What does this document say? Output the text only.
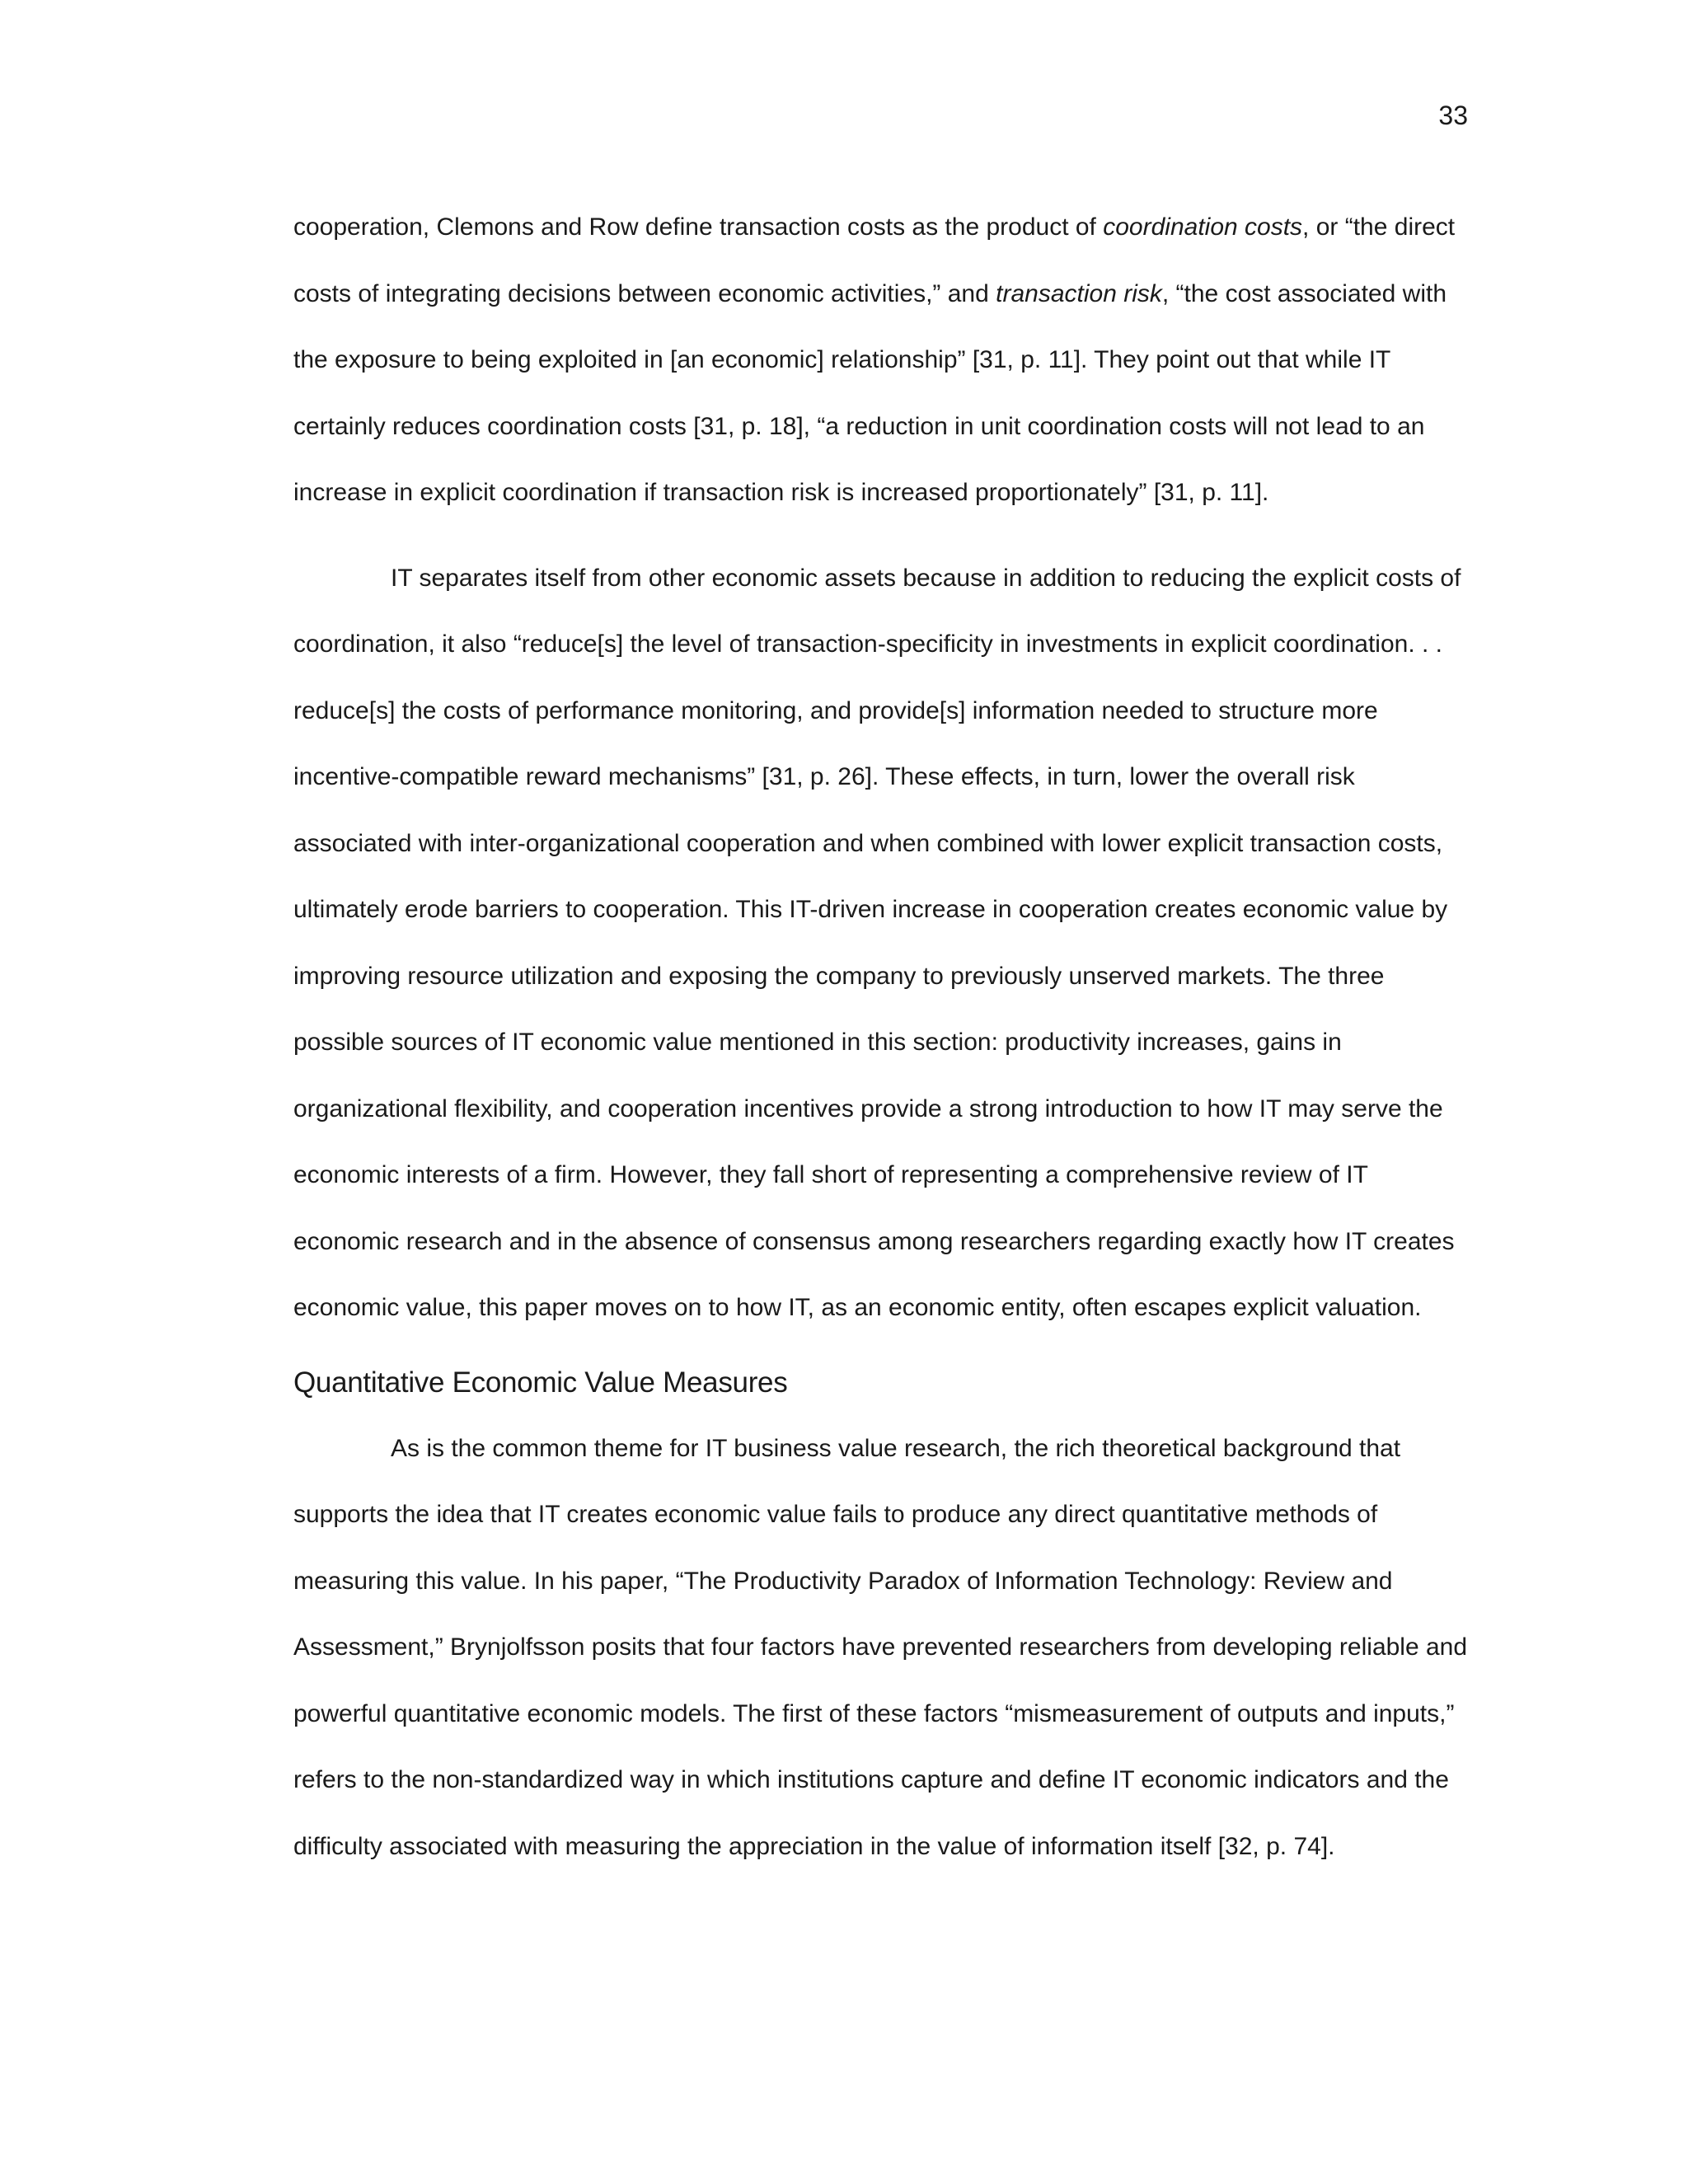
33

cooperation, Clemons and Row define transaction costs as the product of coordination costs, or “the direct costs of integrating decisions between economic activities,” and transaction risk, “the cost associated with the exposure to being exploited in [an economic] relationship” [31, p. 11]. They point out that while IT certainly reduces coordination costs [31, p. 18], “a reduction in unit coordination costs will not lead to an increase in explicit coordination if transaction risk is increased proportionately” [31, p. 11].

IT separates itself from other economic assets because in addition to reducing the explicit costs of coordination, it also “reduce[s] the level of transaction-specificity in investments in explicit coordination. . . reduce[s] the costs of performance monitoring, and provide[s] information needed to structure more incentive-compatible reward mechanisms” [31, p. 26]. These effects, in turn, lower the overall risk associated with inter-organizational cooperation and when combined with lower explicit transaction costs, ultimately erode barriers to cooperation. This IT-driven increase in cooperation creates economic value by improving resource utilization and exposing the company to previously unserved markets. The three possible sources of IT economic value mentioned in this section: productivity increases, gains in organizational flexibility, and cooperation incentives provide a strong introduction to how IT may serve the economic interests of a firm. However, they fall short of representing a comprehensive review of IT economic research and in the absence of consensus among researchers regarding exactly how IT creates economic value, this paper moves on to how IT, as an economic entity, often escapes explicit valuation.

Quantitative Economic Value Measures

As is the common theme for IT business value research, the rich theoretical background that supports the idea that IT creates economic value fails to produce any direct quantitative methods of measuring this value. In his paper, “The Productivity Paradox of Information Technology: Review and Assessment,” Brynjolfsson posits that four factors have prevented researchers from developing reliable and powerful quantitative economic models. The first of these factors “mismeasurement of outputs and inputs,” refers to the non-standardized way in which institutions capture and define IT economic indicators and the difficulty associated with measuring the appreciation in the value of information itself [32, p. 74].
